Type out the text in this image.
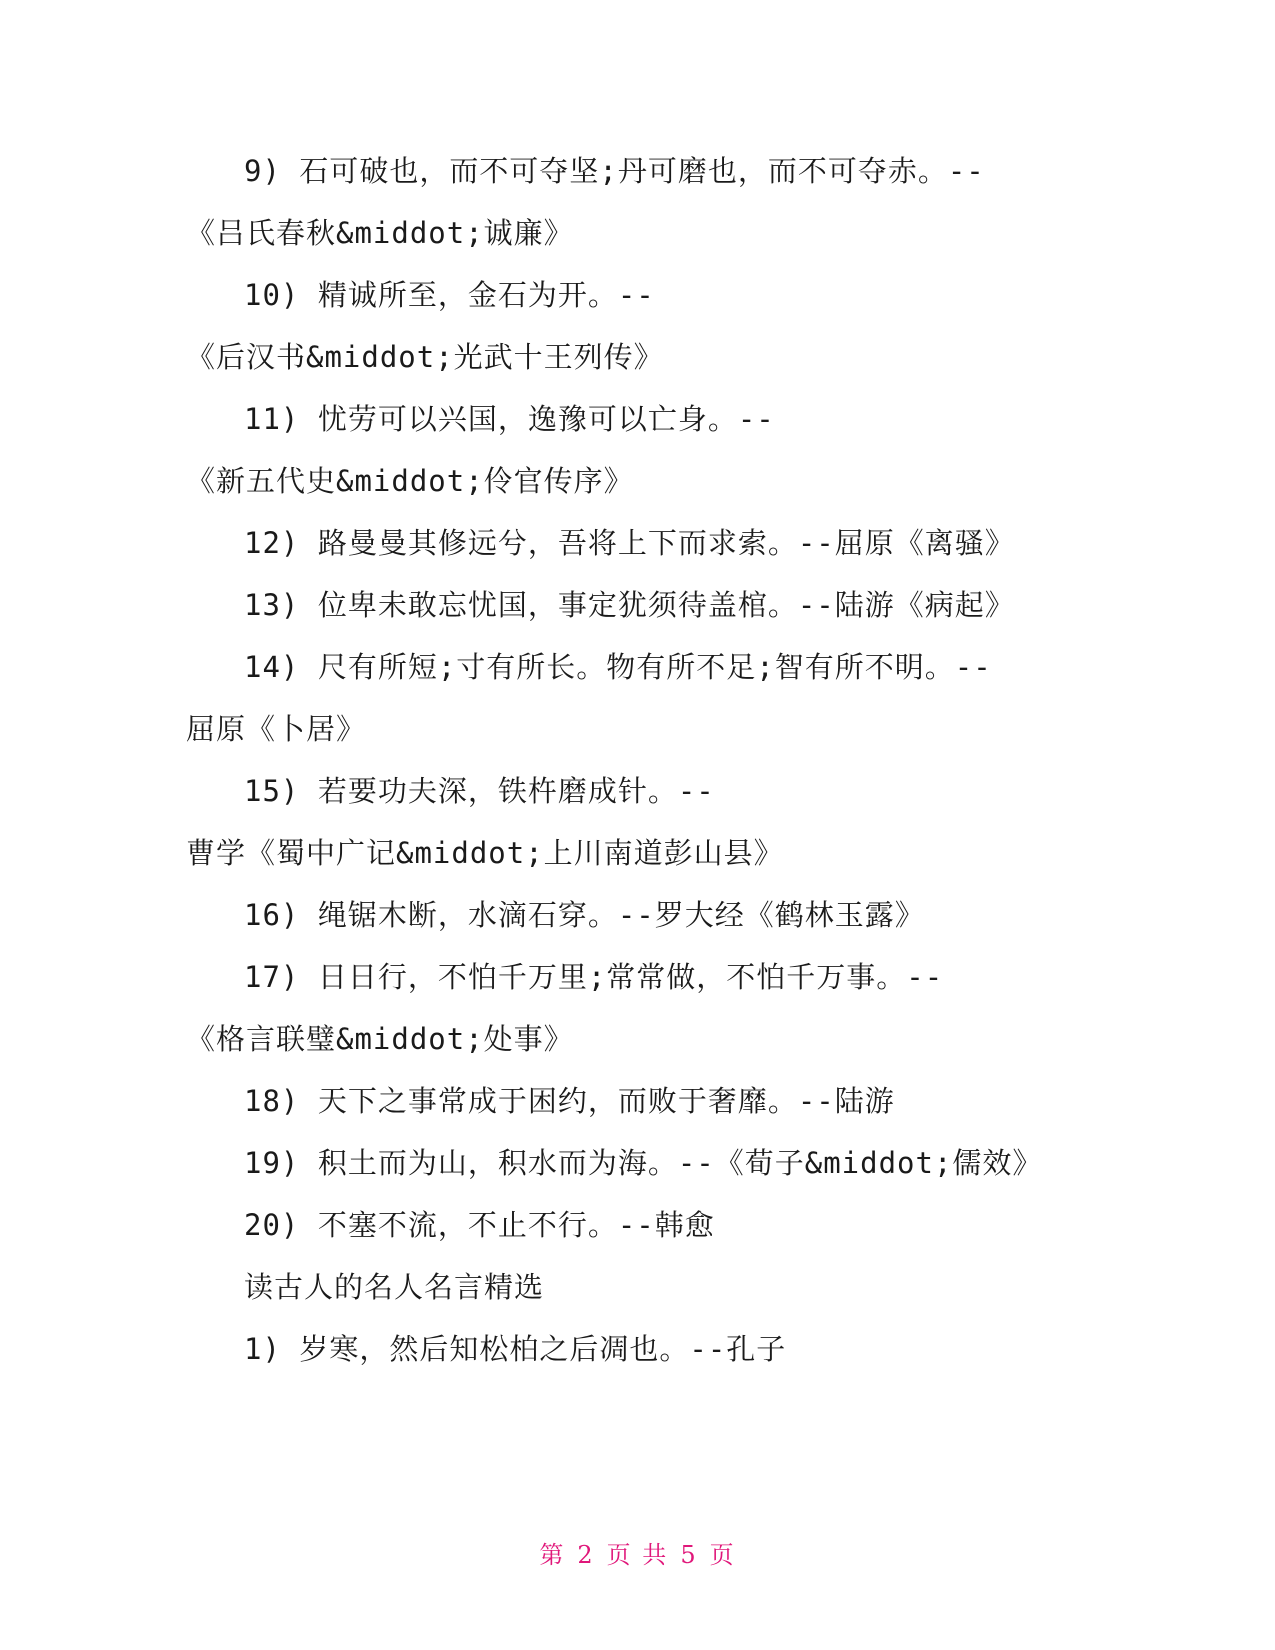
9) 石可破也，而不可夺坚;丹可磨也，而不可夺赤。--
《吕氏春秋&middot;诚廉》
10) 精诚所至，金石为开。--
《后汉书&middot;光武十王列传》
11) 忧劳可以兴国，逸豫可以亡身。--
《新五代史&middot;伶官传序》
12) 路曼曼其修远兮，吾将上下而求索。--屈原《离骚》
13) 位卑未敢忘忧国，事定犹须待盖棺。--陆游《病起》
14) 尺有所短;寸有所长。物有所不足;智有所不明。--
屈原《卜居》
15) 若要功夫深，铁杵磨成针。--
曹学《蜀中广记&middot;上川南道彭山县》
16) 绳锯木断，水滴石穿。--罗大经《鹤林玉露》
17) 日日行，不怕千万里;常常做，不怕千万事。--
《格言联璧&middot;处事》
18) 天下之事常成于困约，而败于奢靡。--陆游
19) 积土而为山，积水而为海。--《荀子&middot;儒效》
20) 不塞不流，不止不行。--韩愈
读古人的名人名言精选
1) 岁寒，然后知松柏之后凋也。--孔子
第 2 页 共 5 页
